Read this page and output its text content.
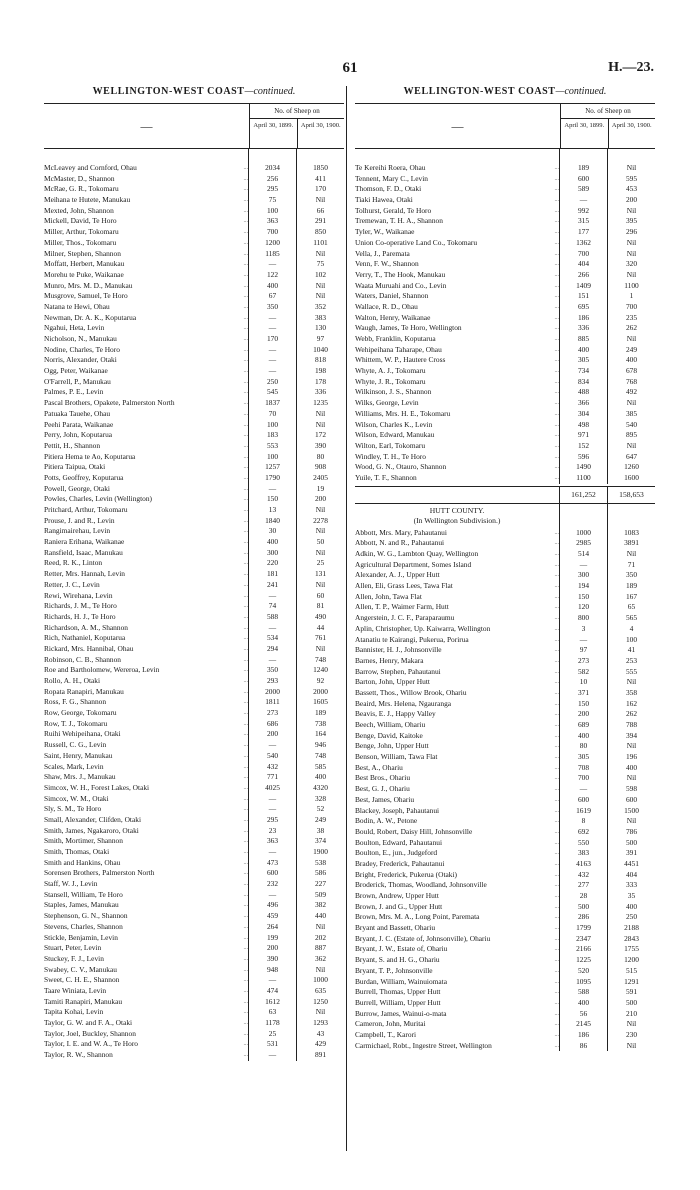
61	H.—23.
WELLINGTON-WEST COAST—continued.
—
No. of Sheep on
April 30, 1899.	April 30, 1900.
McLeavey and Cornford, Ohau	...	2034	1850
McMaster, D., Shannon	...	256	411
McRae, G. R., Tokomaru	...	295	170
Meihana te Hutete, Manukau	...	75	Nil
Mexted, John, Shannon	...	100	66
Mickell, David, Te Horo	...	363	291
Miller, Arthur, Tokomaru	...	700	850
Miller, Thos., Tokomaru	...	1200	1101
Milner, Stephen, Shannon	...	1185	Nil
Moffatt, Herbert, Manukau	...	—	75
Morehu te Puke, Waikanae	...	122	102
Munro, Mrs. M. D., Manukau	...	400	Nil
Musgrove, Samuel, Te Horo	...	67	Nil
Natana te Hewi, Ohau	...	350	352
Newman, Dr. A. K., Koputarua	...	—	383
Ngahui, Heta, Levin	...	—	130
Nicholson, N., Manukau	...	170	97
Nodine, Charles, Te Horo	...	—	1040
Norris, Alexander, Otaki	...	—	818
Ogg, Peter, Waikanae	...	—	198
O'Farrell, P., Manukau	...	250	178
Palmes, P. E., Levin	...	545	336
Pascal Brothers, Opakete, Palmerston North	...	1837	1235
Patuaka Tauehe, Ohau	...	70	Nil
Peehi Parata, Waikanae	...	100	Nil
Perry, John, Koputarua	...	183	172
Pettit, H., Shannon	...	553	390
Pitiera Hema te Ao, Koputarua	...	100	80
Pitiera Taipua, Otaki	...	1257	908
Potts, Geoffrey, Koputarua	...	1790	2405
Powell, George, Otaki	...	—	19
Powles, Charles, Levin (Wellington)	...	150	200
Pritchard, Arthur, Tokomaru	...	13	Nil
Prouse, J. and R., Levin	...	1840	2278
Rangimairehau, Levin	...	30	Nil
Raniera Erihana, Waikanae	...	400	50
Ransfield, Isaac, Manukau	...	300	Nil
Reed, R. K., Linton	...	220	25
Retter, Mrs. Hannah, Levin	...	181	131
Retter, J. C., Levin	...	241	Nil
Rewi, Wirehana, Levin	...	—	60
Richards, J. M., Te Horo	...	74	81
Richards, H. J., Te Horo	...	588	490
Richardson, A. M., Shannon	...	—	44
Rich, Nathaniel, Koputarua	...	534	761
Rickard, Mrs. Hannibal, Ohau	...	294	Nil
Robinson, C. B., Shannon	...	—	748
Roe and Bartholomew, Wereroa, Levin	...	350	1240
Rollo, A. H., Otaki	...	293	92
Ropata Ranapiri, Manukau	...	2000	2000
Ross, F. G., Shannon	...	1811	1605
Row, George, Tokomaru	...	273	189
Row, T. J., Tokomaru	...	686	738
Ruihi Wehipeihana, Otaki	...	200	164
Russell, C. G., Levin	...	—	946
Saint, Henry, Manukau	...	540	748
Scales, Mark, Levin	...	432	585
Shaw, Mrs. J., Manukau	...	771	400
Simcox, W. H., Forest Lakes, Otaki	...	4025	4320
Simcox, W. M., Otaki	...	—	328
Sly, S. M., Te Horo	...	—	52
Small, Alexander, Clifden, Otaki	...	295	249
Smith, James, Ngakaroro, Otaki	...	23	38
Smith, Mortimer, Shannon	...	363	374
Smith, Thomas, Otaki	...	—	1900
Smith and Hankins, Ohau	...	473	538
Sorensen Brothers, Palmerston North	...	600	586
Staff, W. J., Levin	...	232	227
Stansell, William, Te Horo	...	—	509
Staples, James, Manukau	...	496	382
Stephenson, G. N., Shannon	...	459	440
Stevens, Charles, Shannon	...	264	Nil
Stickle, Benjamin, Levin	...	199	202
Stuart, Peter, Levin	...	200	887
Stuckey, F. J., Levin	...	390	362
Swabey, C. V., Manukau	...	948	Nil
Sweet, C. H. E., Shannon	...	—	1000
Taare Winiata, Levin	...	474	635
Tamiti Ranapiri, Manukau	...	1612	1250
Tapita Kohai, Levin	...	63	Nil
Taylor, G. W. and F. A., Otaki	...	1178	1293
Taylor, Joel, Buckley, Shannon	...	25	43
Taylor, I. E. and W. A., Te Horo	...	531	429
Taylor, R. W., Shannon	...	—	891
WELLINGTON-WEST COAST—continued.
—
No. of Sheep on
April 30, 1899.	April 30, 1900.
Te Kereihi Roera, Ohau	...	189	Nil
Tennent, Mary C., Levin	...	600	595
Thomson, F. D., Otaki	...	589	453
Tiaki Hawea, Otaki	...	—	200
Tolhurst, Gerald, Te Horo	...	992	Nil
Tremewan, T. H. A., Shannon	...	315	395
Tyler, W., Waikanae	...	177	296
Union Co-operative Land Co., Tokomaru	...	1362	Nil
Vella, J., Paremata	...	700	Nil
Venn, F. W., Shannon	...	404	320
Verry, T., The Hook, Manukau	...	266	Nil
Waata Muruahi and Co., Levin	...	1409	1100
Waters, Daniel, Shannon	...	151	1
Wallace, R. D., Ohau	...	695	700
Walton, Henry, Waikanae	...	186	235
Waugh, James, Te Horo, Wellington	...	336	262
Webb, Franklin, Koputarua	...	885	Nil
Wehipeihana Taharape, Ohau	...	400	249
Whittem, W. P., Hautere Cross	...	305	400
Whyte, A. J., Tokomaru	...	734	678
Whyte, J. R., Tokomaru	...	834	768
Wilkinson, J. S., Shannon	...	488	492
Wilks, George, Levin	...	366	Nil
Williams, Mrs. H. E., Tokomaru	...	304	385
Wilson, Charles K., Levin	...	498	540
Wilson, Edward, Manukau	...	971	895
Wilton, Earl, Tokomaru	...	152	Nil
Windley, T. H., Te Horo	...	596	647
Wood, G. N., Otauro, Shannon	...	1490	1260
Yuile, T. F., Shannon	...	1100	1600
161,252	158,653
HUTT COUNTY.
(In Wellington Subdivision.)
Abbott, Mrs. Mary, Pahautanui	...	1000	1083
Abbott, N. and R., Pahautanui	...	2985	3891
Adkin, W. G., Lambton Quay, Wellington	...	514	Nil
Agricultural Department, Somes Island	...	—	71
Alexander, A. J., Upper Hutt	...	300	350
Allen, Eli, Grass Lees, Tawa Flat	...	194	189
Allen, John, Tawa Flat	...	150	167
Allen, T. P., Waimer Farm, Hutt	...	120	65
Angerstein, J. C. F., Paraparaumu	...	800	565
Aplin, Christopher, Up. Kaiwarra, Wellington	...	3	4
Atanatiu te Kairangi, Pukerua, Porirua	...	—	100
Bannister, H. J., Johnsonville	...	97	41
Barnes, Henry, Makara	...	273	253
Barrow, Stephen, Pahautanui	...	582	555
Barton, John, Upper Hutt	...	10	Nil
Bassett, Thos., Willow Brook, Ohariu	...	371	358
Beaird, Mrs. Helena, Ngauranga	...	150	162
Beavis, E. J., Happy Valley	...	200	262
Beech, William, Ohariu	...	689	788
Benge, David, Kaitoke	...	400	394
Benge, John, Upper Hutt	...	80	Nil
Benson, William, Tawa Flat	...	305	196
Best, A., Ohariu	...	708	400
Best Bros., Ohariu	...	700	Nil
Best, G. J., Ohariu	...	—	598
Best, James, Ohariu	...	600	600
Blackey, Joseph, Pahautanui	...	1619	1500
Bodin, A. W., Petone	...	8	Nil
Bould, Robert, Daisy Hill, Johnsonville	...	692	786
Boulton, Edward, Pahautanui	...	550	500
Boulton, E., jun., Judgeford	...	383	391
Bradey, Frederick, Pahautanui	...	4163	4451
Bright, Frederick, Pukerua (Otaki)	...	432	404
Broderick, Thomas, Woodland, Johnsonville	...	277	333
Brown, Andrew, Upper Hutt	...	28	35
Brown, J. and G., Upper Hutt	...	500	400
Brown, Mrs. M. A., Long Point, Paremata	...	286	250
Bryant and Bassett, Ohariu	...	1799	2188
Bryant, J. C. (Estate of, Johnsonville), Ohariu	...	2347	2843
Bryant, J. W., Estate of, Ohariu	...	2166	1755
Bryant, S. and H. G., Ohariu	...	1225	1200
Bryant, T. P., Johnsonville	...	520	515
Burdan, William, Wainuiomata	...	1095	1291
Burrell, Thomas, Upper Hutt	...	588	591
Burrell, William, Upper Hutt	...	400	500
Burrow, James, Wainui-o-mata	...	56	210
Cameron, John, Muritai	...	2145	Nil
Campbell, T., Karori	...	186	230
Carmichael, Robt., Ingestre Street, Wellington	...	86	Nil
